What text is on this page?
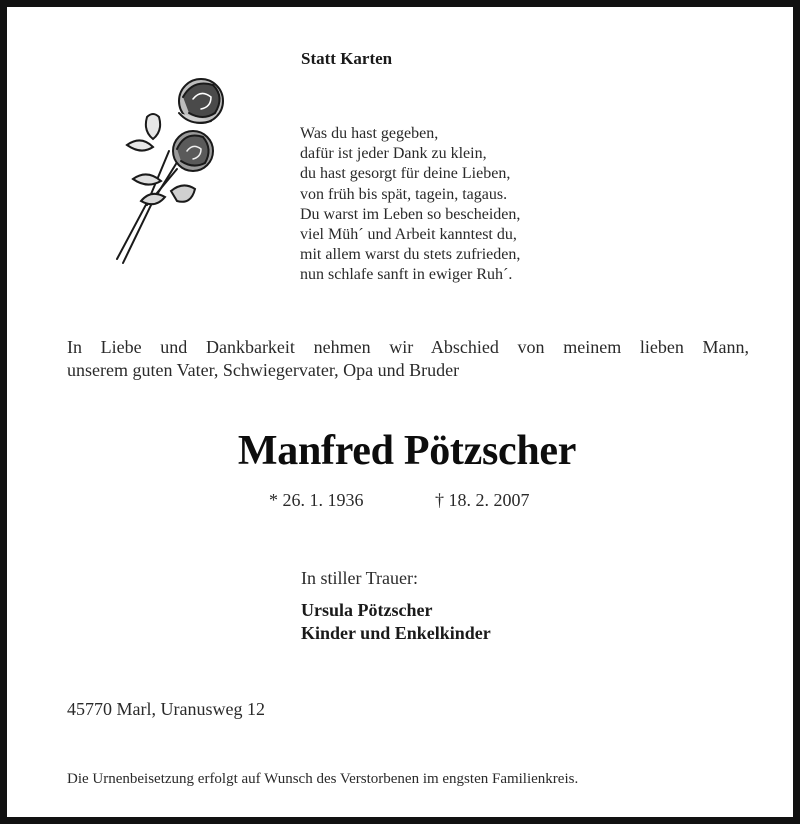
Statt Karten
Was du hast gegeben,
dafür ist jeder Dank zu klein,
du hast gesorgt für deine Lieben,
von früh bis spät, tagein, tagaus.
Du warst im Leben so bescheiden,
viel Müh´ und Arbeit kanntest du,
mit allem warst du stets zufrieden,
nun schlafe sanft in ewiger Ruh´.
In Liebe und Dankbarkeit nehmen wir Abschied von meinem lieben Mann,
unserem guten Vater, Schwiegervater, Opa und Bruder
Manfred Pötzscher
* 26. 1. 1936	† 18. 2. 2007
In stiller Trauer:
Ursula Pötzscher
Kinder und Enkelkinder
45770 Marl, Uranusweg 12
Die Urnenbeisetzung erfolgt auf Wunsch des Verstorbenen im engsten Familienkreis.
